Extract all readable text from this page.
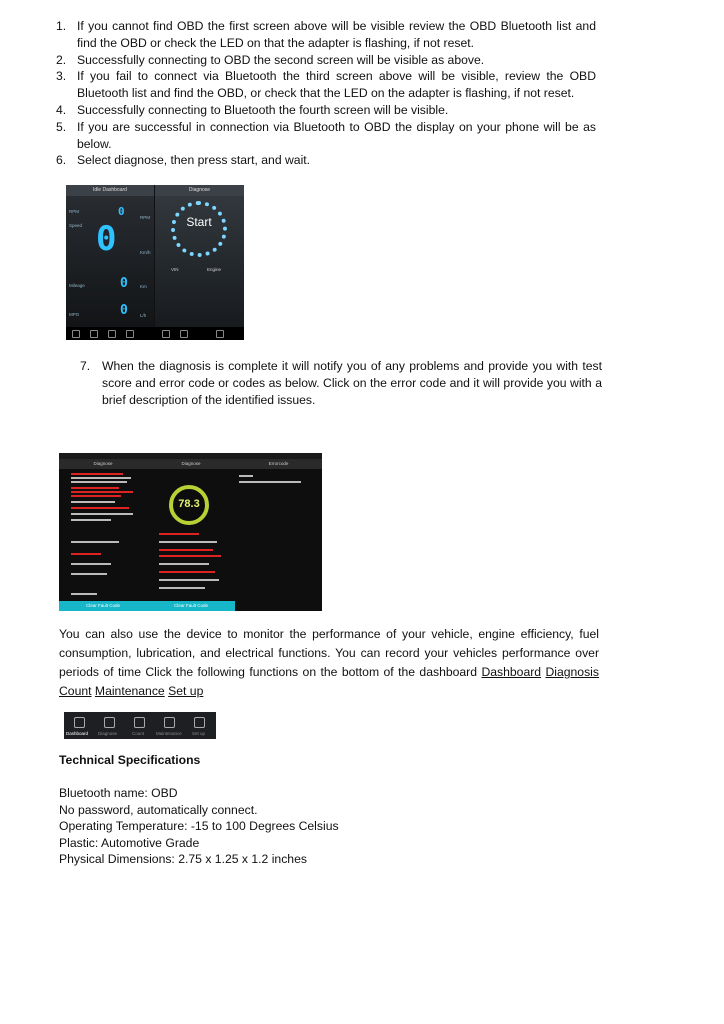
1. If you cannot find OBD the first screen above will be visible review the OBD Bluetooth list and find the OBD or check the LED on that the adapter is flashing, if not reset.
2. Successfully connecting to OBD the second screen will be visible as above.
3. If you fail to connect via Bluetooth the third screen above will be visible, review the OBD Bluetooth list and find the OBD, or check that the LED on the adapter is flashing, if not reset.
4. Successfully connecting to Bluetooth the fourth screen will be visible.
5. If you are successful in connection via Bluetooth to OBD the display on your phone will be as below.
6. Select diagnose, then press start, and wait.
Idle Dashboard
RPM
Speed
Mileage
MPG
0
0
0
0
RPM
Km/h
Km
L/h
Diagnose
Start
VIN	Engine
7. When the diagnosis is complete it will notify you of any problems and provide you with test score and error code or codes as below. Click on the error code and it will provide you with a brief description of the identified issues.
Diagnose
Clear Fault Code
Diagnose
78.3
Clear Fault Code
Errorcode

You can also use the device to monitor the performance of your vehicle, engine efficiency, fuel consumption, lubrication, and electrical functions. You can record your vehicles performance over periods of time Click the following functions on the bottom of the dashboard Dashboard Diagnosis Count Maintenance Set up

Dashboard Diagnose	Count	Maintenance Set up
Technical Specifications
Bluetooth name: OBD
No password, automatically connect.
Operating Temperature: -15 to 100 Degrees Celsius
Plastic: Automotive Grade
Physical Dimensions: 2.75 x 1.25 x 1.2 inches
